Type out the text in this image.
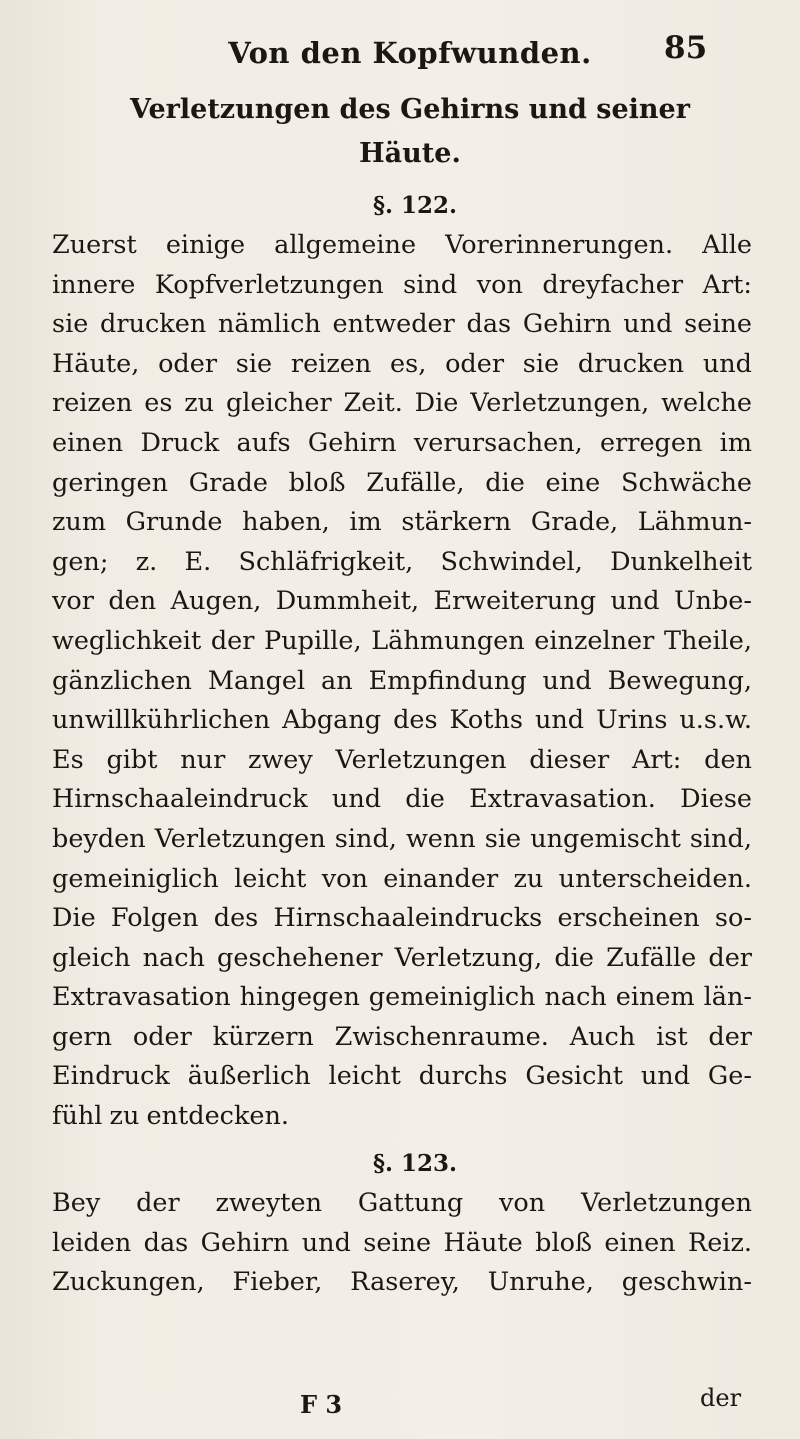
Von den Kopfwunden.	85
Verletzungen des Gehirns und seiner
Häute.
§. 122.
Zuerst einige allgemeine Vorerinnerungen. Alle
innere Kopfverletzungen sind von dreyfacher Art:
sie drucken nämlich entweder das Gehirn und seine
Häute, oder sie reizen es, oder sie drucken und
reizen es zu gleicher Zeit. Die Verletzungen, welche
einen Druck aufs Gehirn verursachen, erregen im
geringen Grade bloß Zufälle, die eine Schwäche
zum Grunde haben, im stärkern Grade, Lähmun-
gen; z. E. Schläfrigkeit, Schwindel, Dunkelheit
vor den Augen, Dummheit, Erweiterung und Unbe-
weglichkeit der Pupille, Lähmungen einzelner Theile,
gänzlichen Mangel an Empfindung und Bewegung,
unwillkührlichen Abgang des Koths und Urins u.s.w.
Es gibt nur zwey Verletzungen dieser Art: den
Hirnschaaleindruck und die Extravasation. Diese
beyden Verletzungen sind, wenn sie ungemischt sind,
gemeiniglich leicht von einander zu unterscheiden.
Die Folgen des Hirnschaaleindrucks erscheinen so-
gleich nach geschehener Verletzung, die Zufälle der
Extravasation hingegen gemeiniglich nach einem län-
gern oder kürzern Zwischenraume. Auch ist der
Eindruck äußerlich leicht durchs Gesicht und Ge-
fühl zu entdecken.
§. 123.
Bey der zweyten Gattung von Verletzungen
leiden das Gehirn und seine Häute bloß einen Reiz.
Zuckungen, Fieber, Raserey, Unruhe, geschwin-
F 3	der
